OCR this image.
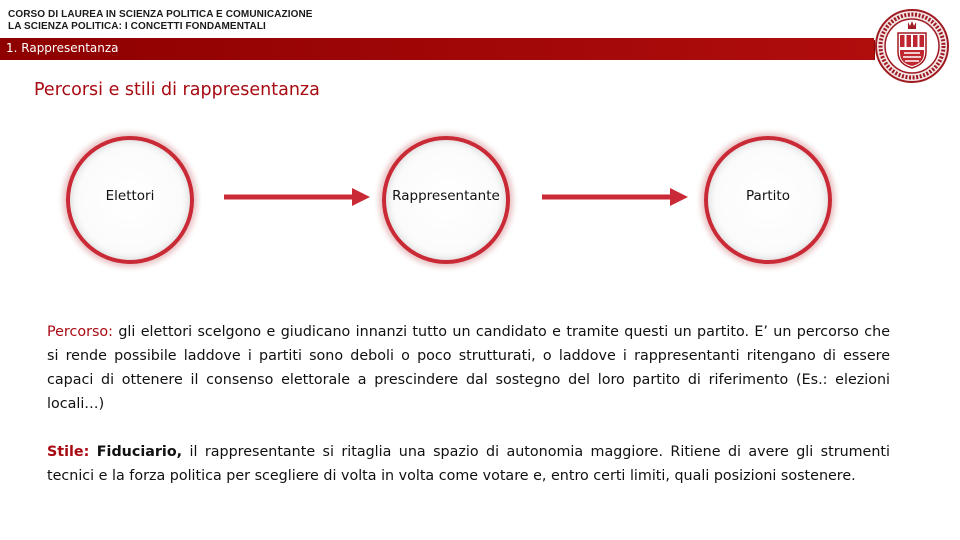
CORSO DI LAUREA IN SCIENZA POLITICA E COMUNICAZIONE
LA SCIENZA POLITICA: I CONCETTI FONDAMENTALI
1. Rappresentanza
Percorsi e stili di rappresentanza
Elettori	Rappresentante	Partito
Percorso: gli elettori scelgono e giudicano innanzi tutto un candidato e tramite questi un partito. E’ un percorso che si rende possibile laddove i partiti sono deboli o poco strutturati, o laddove i rappresentanti ritengano di essere capaci di ottenere il consenso elettorale a prescindere dal sostegno del loro partito di riferimento (Es.: elezioni locali…)
Stile: Fiduciario, il rappresentante si ritaglia una spazio di autonomia maggiore. Ritiene di avere gli strumenti tecnici e la forza politica per scegliere di volta in volta come votare e, entro certi limiti, quali posizioni sostenere.
